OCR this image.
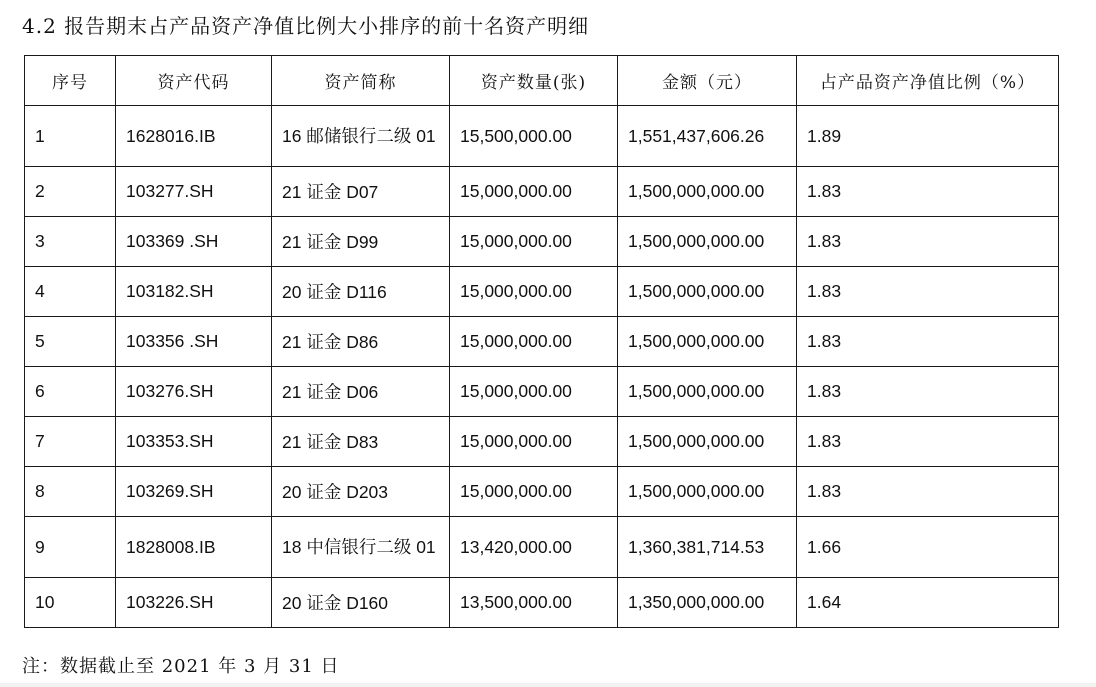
4.2 报告期末占产品资产净值比例大小排序的前十名资产明细
序号	资产代码	资产简称	资产数量(张)	金额（元）	占产品资产净值比例（%）
1	1628016.IB	16 邮储银行二级 01	15,500,000.00	1,551,437,606.26	1.89
2	103277.SH	21 证金 D07	15,000,000.00	1,500,000,000.00	1.83
3	103369 .SH	21 证金 D99	15,000,000.00	1,500,000,000.00	1.83
4	103182.SH	20 证金 D116	15,000,000.00	1,500,000,000.00	1.83
5	103356 .SH	21 证金 D86	15,000,000.00	1,500,000,000.00	1.83
6	103276.SH	21 证金 D06	15,000,000.00	1,500,000,000.00	1.83
7	103353.SH	21 证金 D83	15,000,000.00	1,500,000,000.00	1.83
8	103269.SH	20 证金 D203	15,000,000.00	1,500,000,000.00	1.83
9	1828008.IB	18 中信银行二级 01	13,420,000.00	1,360,381,714.53	1.66
10	103226.SH	20 证金 D160	13,500,000.00	1,350,000,000.00	1.64
注：数据截止至 2021 年 3 月 31 日
